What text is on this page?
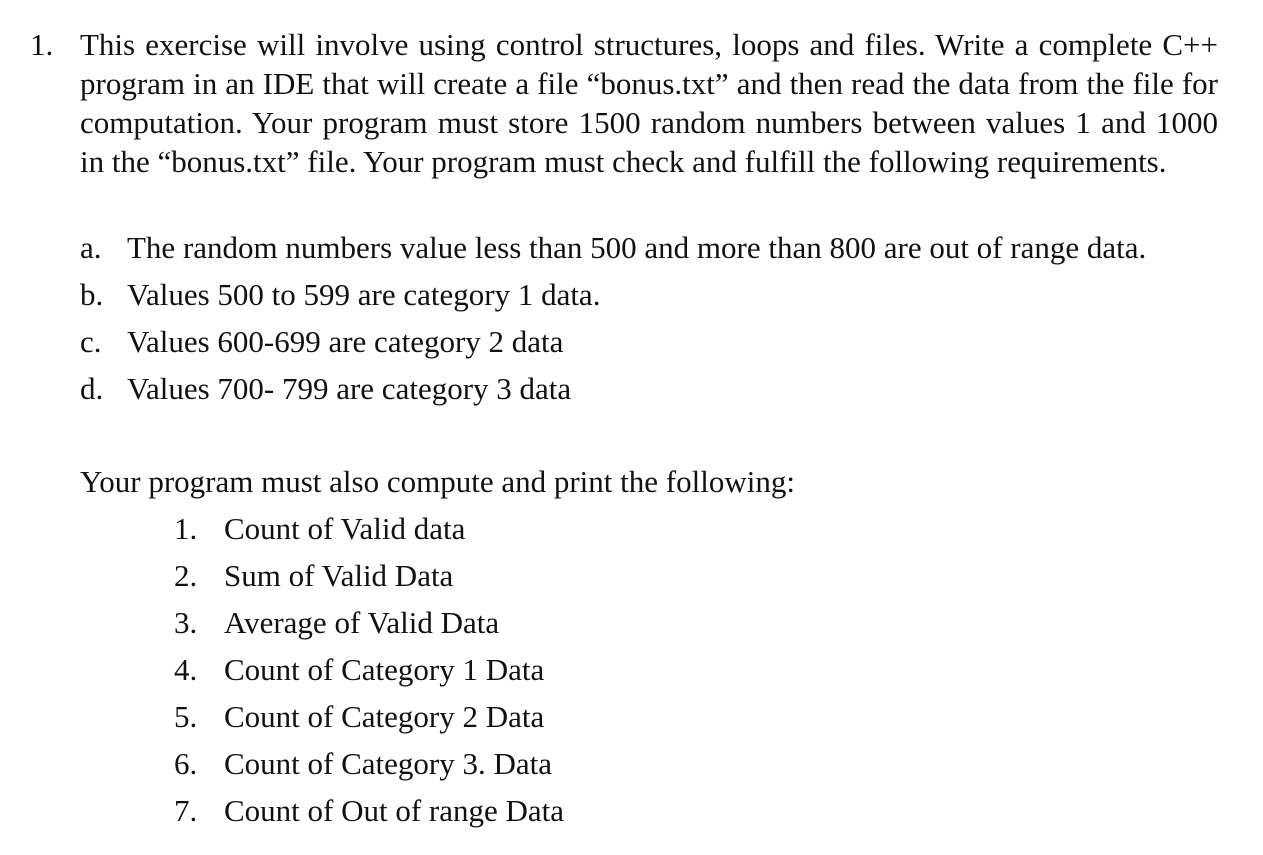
1. This exercise will involve using control structures, loops and files. Write a complete C++ program in an IDE that will create a file “bonus.txt” and then read the data from the file for computation. Your program must store 1500 random numbers between values 1 and 1000 in the “bonus.txt” file. Your program must check and fulfill the following requirements.

a. The random numbers value less than 500 and more than 800 are out of range data.
b. Values 500 to 599 are category 1 data.
c. Values 600-699 are category 2 data
d. Values 700- 799 are category 3 data

Your program must also compute and print the following:

1. Count of Valid data
2. Sum of Valid Data
3. Average of Valid Data
4. Count of Category 1 Data
5. Count of Category 2 Data
6. Count of Category 3. Data
7. Count of Out of range Data
